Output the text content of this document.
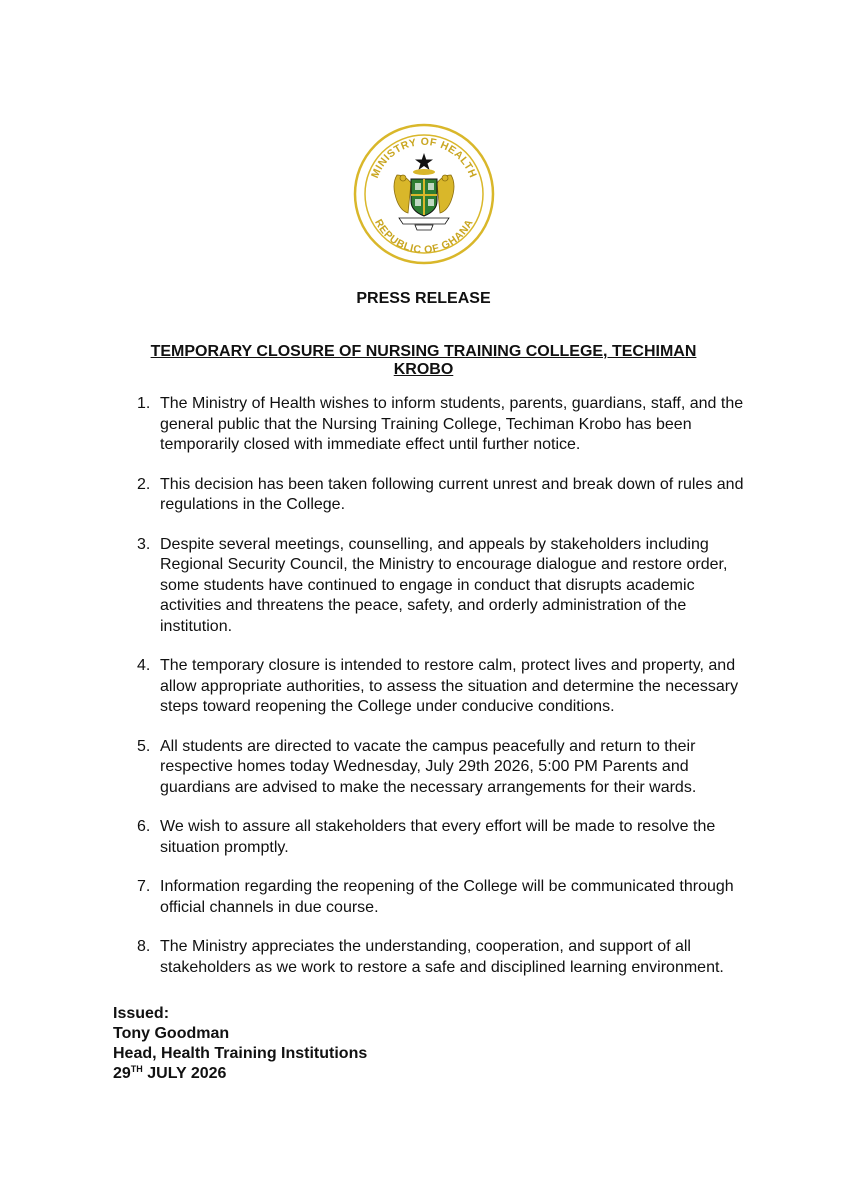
MINISTRY OF HEALTH
REPUBLIC OF GHANA
PRESS RELEASE
TEMPORARY CLOSURE OF NURSING TRAINING COLLEGE, TECHIMAN KROBO
1. The Ministry of Health wishes to inform students, parents, guardians, staff, and the general public that the Nursing Training College, Techiman Krobo has been temporarily closed with immediate effect until further notice.
2. This decision has been taken following current unrest and break down of rules and regulations in the College.
3. Despite several meetings, counselling, and appeals by stakeholders including Regional Security Council, the Ministry to encourage dialogue and restore order, some students have continued to engage in conduct that disrupts academic activities and threatens the peace, safety, and orderly administration of the institution.
4. The temporary closure is intended to restore calm, protect lives and property, and allow appropriate authorities, to assess the situation and determine the necessary steps toward reopening the College under conducive conditions.
5. All students are directed to vacate the campus peacefully and return to their respective homes today Wednesday, July 29th 2026, 5:00 PM Parents and guardians are advised to make the necessary arrangements for their wards.
6. We wish to assure all stakeholders that every effort will be made to resolve the situation promptly.
7. Information regarding the reopening of the College will be communicated through official channels in due course.
8. The Ministry appreciates the understanding, cooperation, and support of all stakeholders as we work to restore a safe and disciplined learning environment.
Issued:
Tony Goodman
Head, Health Training Institutions
29TH JULY 2026
